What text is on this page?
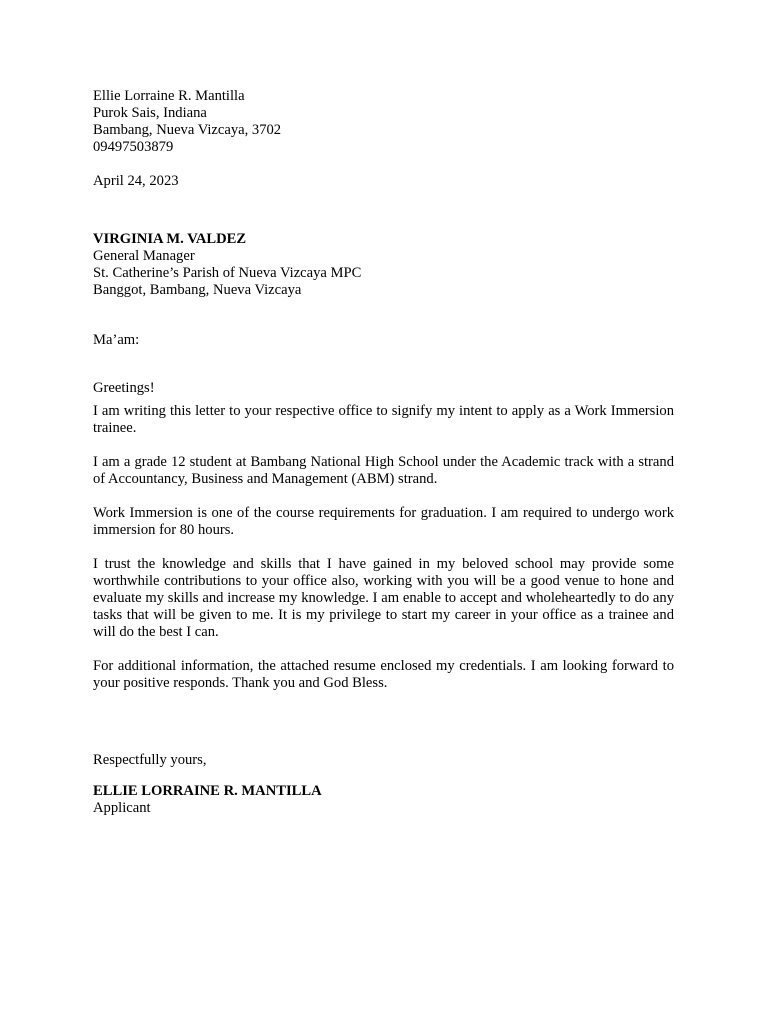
Ellie Lorraine R. Mantilla
Purok Sais, Indiana
Bambang, Nueva Vizcaya, 3702
09497503879
April 24, 2023
VIRGINIA M. VALDEZ
General Manager
St. Catherine’s Parish of Nueva Vizcaya MPC
Banggot, Bambang, Nueva Vizcaya
Ma’am:
Greetings!

I am writing this letter to your respective office to signify my intent to apply as a Work Immersion trainee.

I am a grade 12 student at Bambang National High School under the Academic track with a strand of Accountancy, Business and Management (ABM) strand.

Work Immersion is one of the course requirements for graduation. I am required to undergo work immersion for 80 hours.

I trust the knowledge and skills that I have gained in my beloved school may provide some worthwhile contributions to your office also, working with you will be a good venue to hone and evaluate my skills and increase my knowledge. I am enable to accept and wholeheartedly to do any tasks that will be given to me. It is my privilege to start my career in your office as a trainee and will do the best I can.

For additional information, the attached resume enclosed my credentials. I am looking forward to your positive responds. Thank you and God Bless.

Respectfully yours,
ELLIE LORRAINE R. MANTILLA
Applicant
